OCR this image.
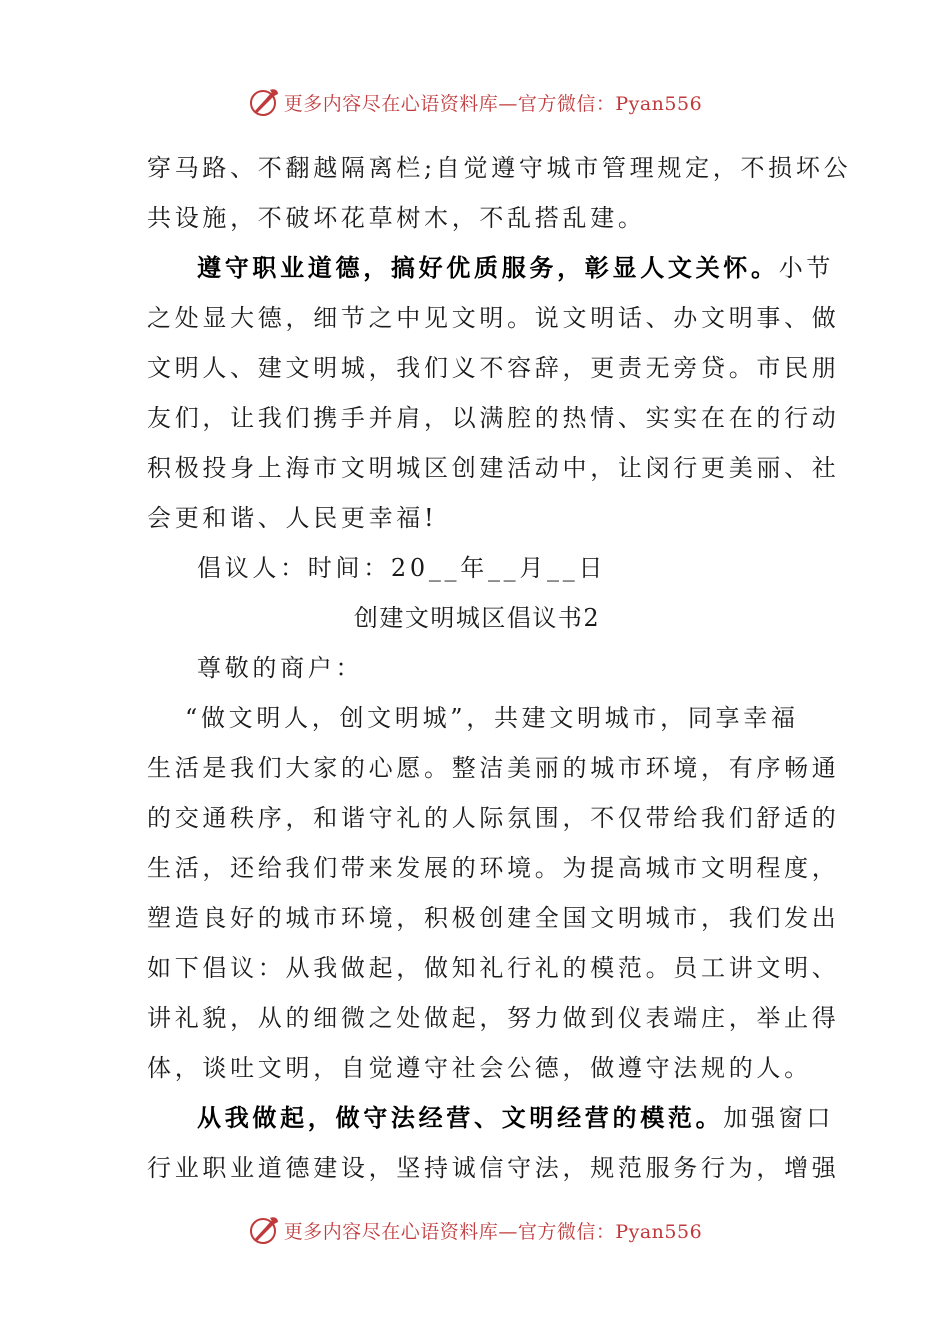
更多内容尽在心语资料库—官方微信：Pyan556
穿马路、不翻越隔离栏;自觉遵守城市管理规定，不损坏公
共设施，不破坏花草树木，不乱搭乱建。
遵守职业道德，搞好优质服务，彰显人文关怀。小节
之处显大德，细节之中见文明。说文明话、办文明事、做
文明人、建文明城，我们义不容辞，更责无旁贷。市民朋
友们，让我们携手并肩，以满腔的热情、实实在在的行动
积极投身上海市文明城区创建活动中，让闵行更美丽、社
会更和谐、人民更幸福!
倡议人：时间：20__年__月__日
创建文明城区倡议书2
尊敬的商户：
“做文明人，创文明城”，共建文明城市，同享幸福
生活是我们大家的心愿。整洁美丽的城市环境，有序畅通
的交通秩序，和谐守礼的人际氛围，不仅带给我们舒适的
生活，还给我们带来发展的环境。为提高城市文明程度，
塑造良好的城市环境，积极创建全国文明城市，我们发出
如下倡议：从我做起，做知礼行礼的模范。员工讲文明、
讲礼貌，从的细微之处做起，努力做到仪表端庄，举止得
体，谈吐文明，自觉遵守社会公德，做遵守法规的人。
从我做起，做守法经营、文明经营的模范。加强窗口
行业职业道德建设，坚持诚信守法，规范服务行为，增强
更多内容尽在心语资料库—官方微信：Pyan556
